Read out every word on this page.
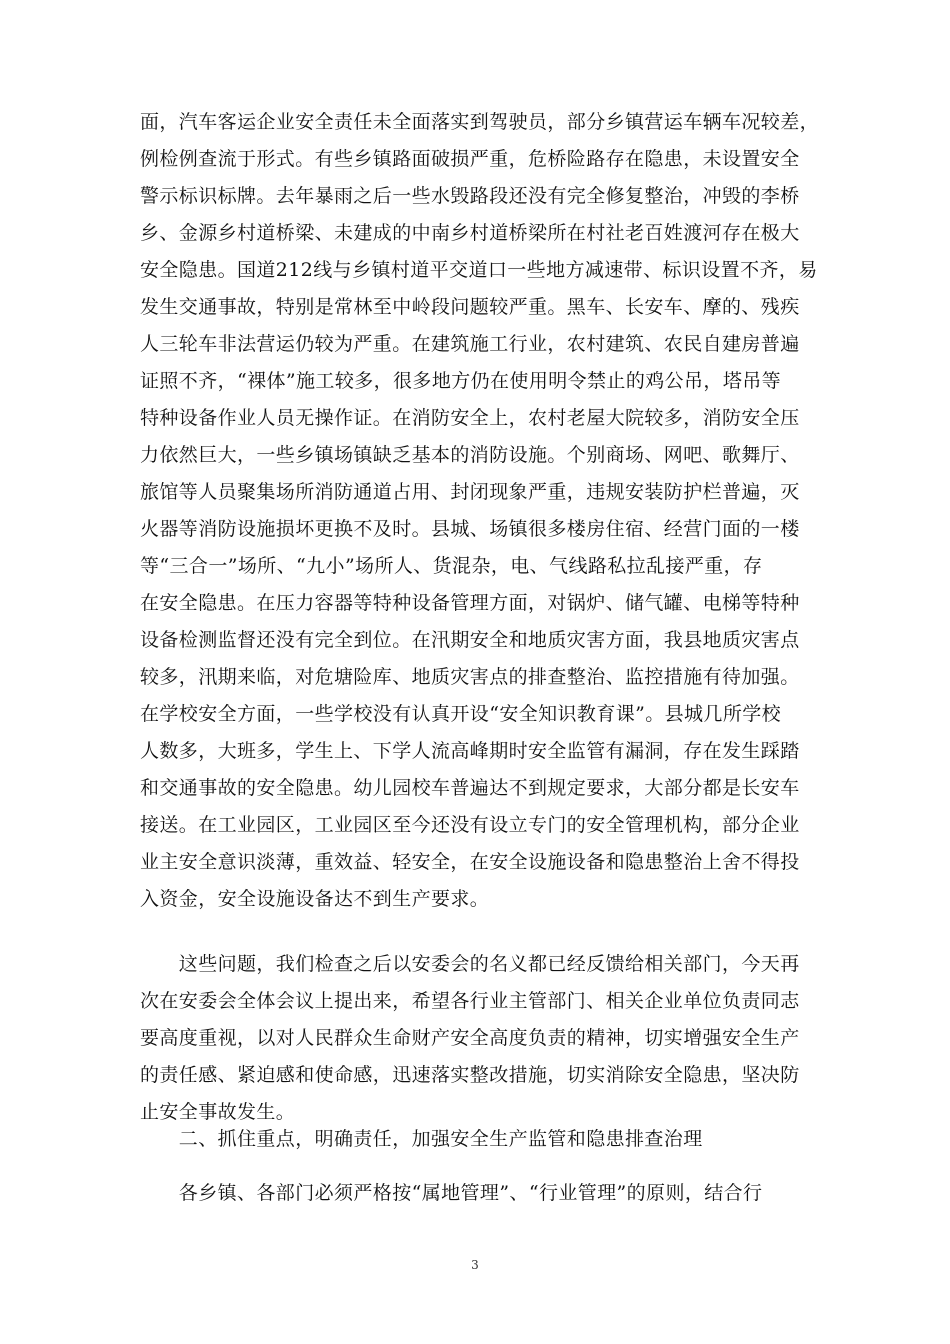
面，汽车客运企业安全责任未全面落实到驾驶员，部分乡镇营运车辆车况较差，
例检例查流于形式。有些乡镇路面破损严重，危桥险路存在隐患，未设置安全
警示标识标牌。去年暴雨之后一些水毁路段还没有完全修复整治，冲毁的李桥
乡、金源乡村道桥梁、未建成的中南乡村道桥梁所在村社老百姓渡河存在极大
安全隐患。国道212线与乡镇村道平交道口一些地方减速带、标识设置不齐，易
发生交通事故，特别是常林至中岭段问题较严重。黑车、长安车、摩的、残疾
人三轮车非法营运仍较为严重。在建筑施工行业，农村建筑、农民自建房普遍
证照不齐，“裸体”施工较多，很多地方仍在使用明令禁止的鸡公吊，塔吊等
特种设备作业人员无操作证。在消防安全上，农村老屋大院较多，消防安全压
力依然巨大，一些乡镇场镇缺乏基本的消防设施。个别商场、网吧、歌舞厅、
旅馆等人员聚集场所消防通道占用、封闭现象严重，违规安装防护栏普遍，灭
火器等消防设施损坏更换不及时。县城、场镇很多楼房住宿、经营门面的一楼
等“三合一”场所、“九小”场所人、货混杂，电、气线路私拉乱接严重，存
在安全隐患。在压力容器等特种设备管理方面，对锅炉、储气罐、电梯等特种
设备检测监督还没有完全到位。在汛期安全和地质灾害方面，我县地质灾害点
较多，汛期来临，对危塘险库、地质灾害点的排查整治、监控措施有待加强。
在学校安全方面，一些学校没有认真开设“安全知识教育课”。县城几所学校
人数多，大班多，学生上、下学人流高峰期时安全监管有漏洞，存在发生踩踏
和交通事故的安全隐患。幼儿园校车普遍达不到规定要求，大部分都是长安车
接送。在工业园区，工业园区至今还没有设立专门的安全管理机构，部分企业
业主安全意识淡薄，重效益、轻安全，在安全设施设备和隐患整治上舍不得投
入资金，安全设施设备达不到生产要求。
　　这些问题，我们检查之后以安委会的名义都已经反馈给相关部门，今天再
次在安委会全体会议上提出来，希望各行业主管部门、相关企业单位负责同志
要高度重视，以对人民群众生命财产安全高度负责的精神，切实增强安全生产
的责任感、紧迫感和使命感，迅速落实整改措施，切实消除安全隐患，坚决防
止安全事故发生。
　　二、抓住重点，明确责任，加强安全生产监管和隐患排查治理
　　各乡镇、各部门必须严格按“属地管理”、“行业管理”的原则，结合行
3
